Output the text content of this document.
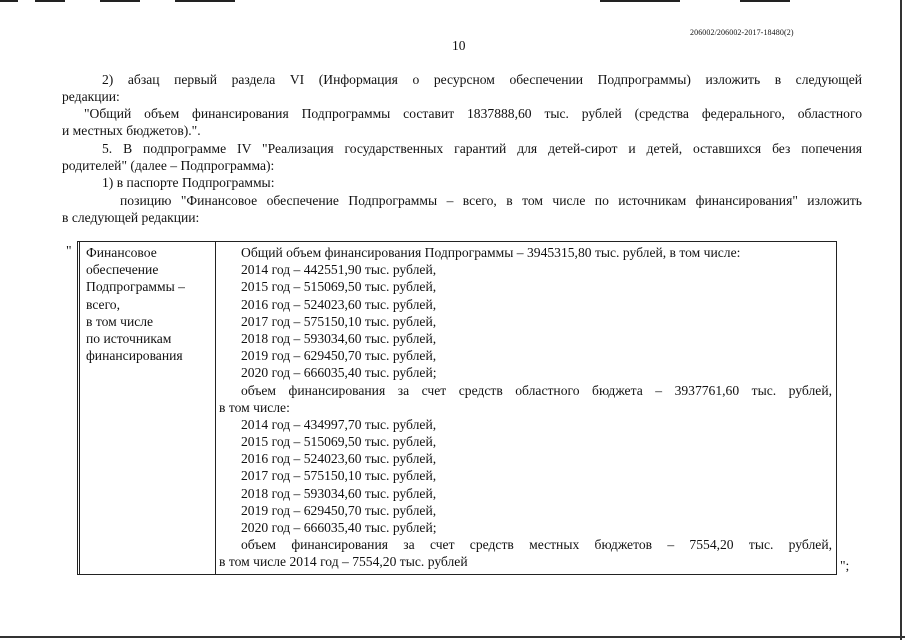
206002/206002-2017-18480(2)
10
2) абзац первый раздела VI (Информация о ресурсном обеспечении Подпрограммы) изложить в следующей
редакции:
"Общий объем финансирования Подпрограммы составит 1837888,60 тыс. рублей (средства федерального, областного
и местных бюджетов).".
5. В подпрограмме IV "Реализация государственных гарантий для детей-сирот и детей, оставшихся без попечения
родителей" (далее – Подпрограмма):
1) в паспорте Подпрограммы:
позицию "Финансовое обеспечение Подпрограммы – всего, в том числе по источникам финансирования" изложить
в следующей редакции:
" Финансовое
обеспечение
Подпрограммы –
всего,
в том числе
по источникам
финансирования
Общий объем финансирования Подпрограммы – 3945315,80 тыс. рублей, в том числе:
2014 год – 442551,90 тыс. рублей,
2015 год – 515069,50 тыс. рублей,
2016 год – 524023,60 тыс. рублей,
2017 год – 575150,10 тыс. рублей,
2018 год – 593034,60 тыс. рублей,
2019 год – 629450,70 тыс. рублей,
2020 год – 666035,40 тыс. рублей;
объем финансирования за счет средств областного бюджета – 3937761,60 тыс. рублей,
в том числе:
2014 год – 434997,70 тыс. рублей,
2015 год – 515069,50 тыс. рублей,
2016 год – 524023,60 тыс. рублей,
2017 год – 575150,10 тыс. рублей,
2018 год – 593034,60 тыс. рублей,
2019 год – 629450,70 тыс. рублей,
2020 год – 666035,40 тыс. рублей;
объем финансирования за счет средств местных бюджетов – 7554,20 тыс. рублей,
в том числе 2014 год – 7554,20 тыс. рублей	";
